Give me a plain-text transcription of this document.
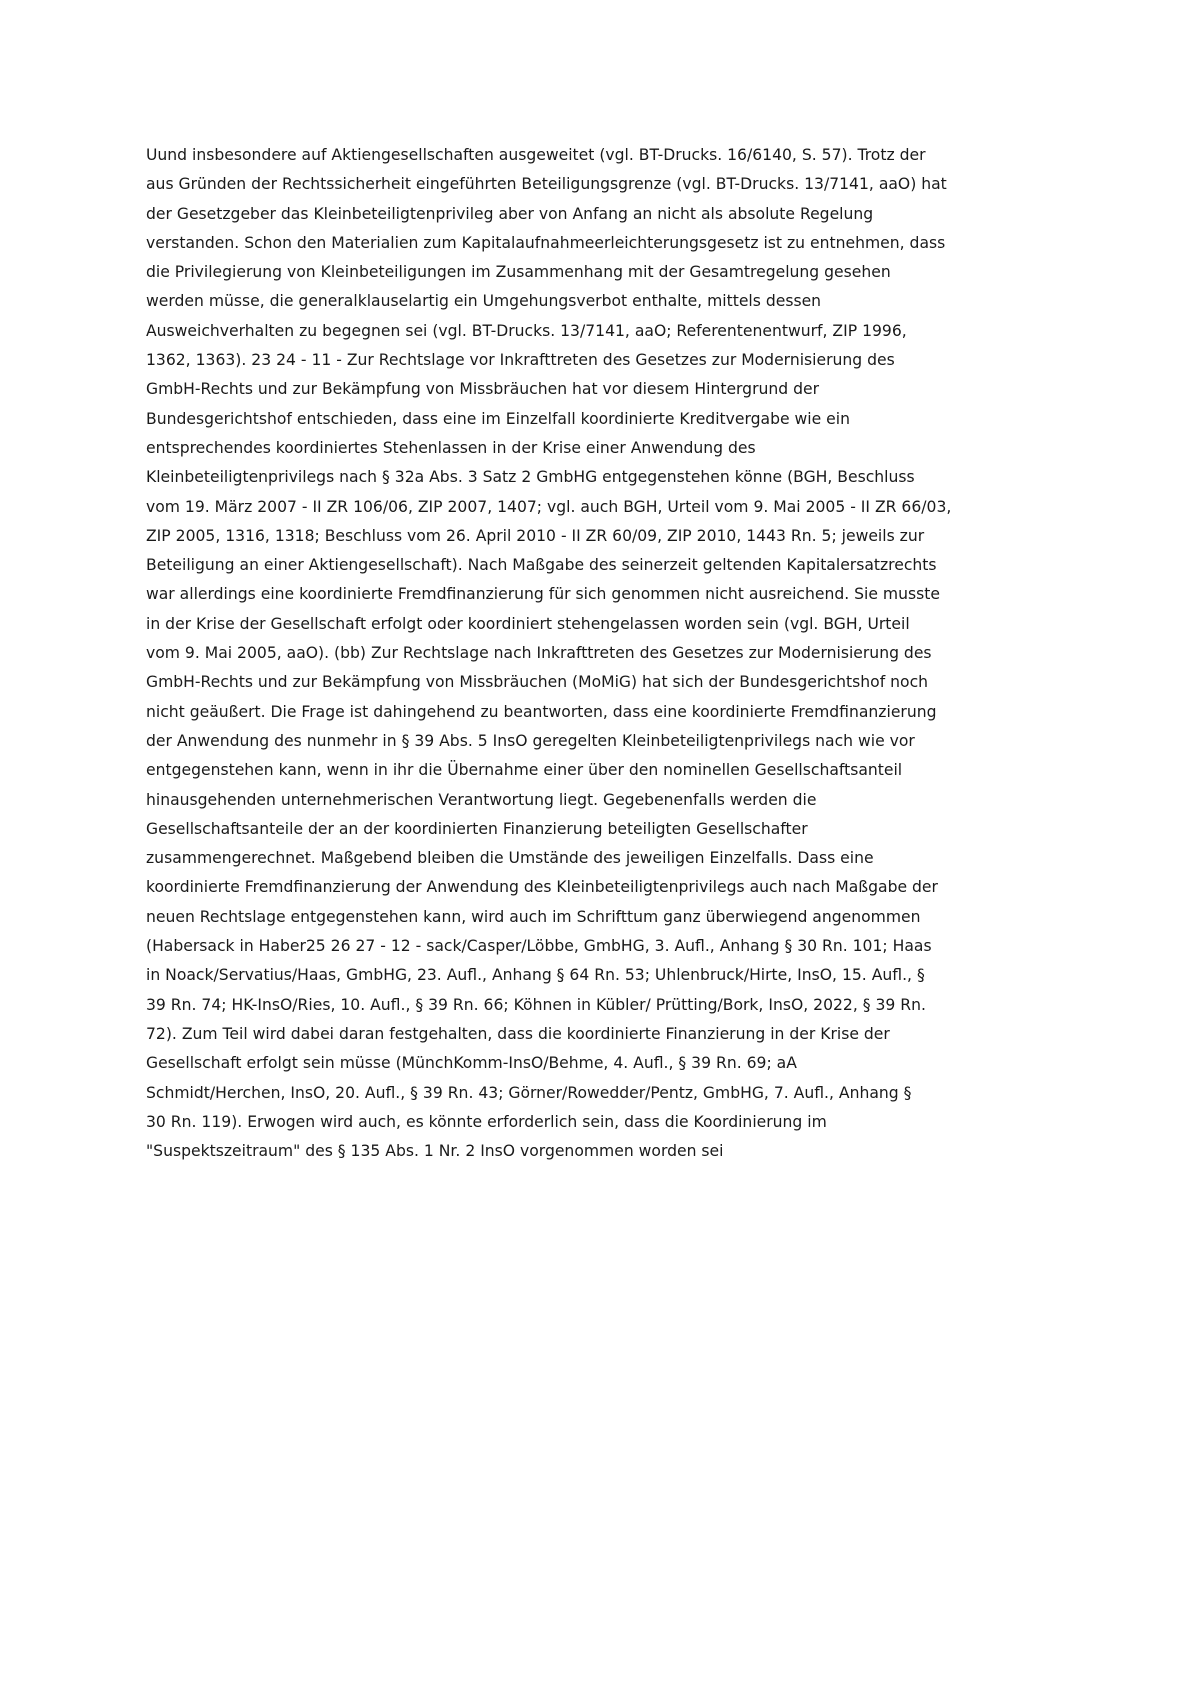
Uund insbesondere auf Aktiengesellschaften ausgeweitet (vgl. BT-Drucks. 16/6140, S. 57). Trotz der
aus Gründen der Rechtssicherheit eingeführten Beteiligungsgrenze (vgl. BT-Drucks. 13/7141, aaO) hat
der Gesetzgeber das Kleinbeteiligtenprivileg aber von Anfang an nicht als absolute Regelung
verstanden. Schon den Materialien zum Kapitalaufnahmeerleichterungsgesetz ist zu entnehmen, dass
die Privilegierung von Kleinbeteiligungen im Zusammenhang mit der Gesamtregelung gesehen
werden müsse, die generalklauselartig ein Umgehungsverbot enthalte, mittels dessen
Ausweichverhalten zu begegnen sei (vgl. BT-Drucks. 13/7141, aaO; Referentenentwurf, ZIP 1996,
1362, 1363). 23 24 - 11 - Zur Rechtslage vor Inkrafttreten des Gesetzes zur Modernisierung des
GmbH-Rechts und zur Bekämpfung von Missbräuchen hat vor diesem Hintergrund der
Bundesgerichtshof entschieden, dass eine im Einzelfall koordinierte Kreditvergabe wie ein
entsprechendes koordiniertes Stehenlassen in der Krise einer Anwendung des
Kleinbeteiligtenprivilegs nach § 32a Abs. 3 Satz 2 GmbHG entgegenstehen könne (BGH, Beschluss
vom 19. März 2007 - II ZR 106/06, ZIP 2007, 1407; vgl. auch BGH, Urteil vom 9. Mai 2005 - II ZR 66/03,
ZIP 2005, 1316, 1318; Beschluss vom 26. April 2010 - II ZR 60/09, ZIP 2010, 1443 Rn. 5; jeweils zur
Beteiligung an einer Aktiengesellschaft). Nach Maßgabe des seinerzeit geltenden Kapitalersatzrechts
war allerdings eine koordinierte Fremdfinanzierung für sich genommen nicht ausreichend. Sie musste
in der Krise der Gesellschaft erfolgt oder koordiniert stehengelassen worden sein (vgl. BGH, Urteil
vom 9. Mai 2005, aaO). (bb) Zur Rechtslage nach Inkrafttreten des Gesetzes zur Modernisierung des
GmbH-Rechts und zur Bekämpfung von Missbräuchen (MoMiG) hat sich der Bundesgerichtshof noch
nicht geäußert. Die Frage ist dahingehend zu beantworten, dass eine koordinierte Fremdfinanzierung
der Anwendung des nunmehr in § 39 Abs. 5 InsO geregelten Kleinbeteiligtenprivilegs nach wie vor
entgegenstehen kann, wenn in ihr die Übernahme einer über den nominellen Gesellschaftsanteil
hinausgehenden unternehmerischen Verantwortung liegt. Gegebenenfalls werden die
Gesellschaftsanteile der an der koordinierten Finanzierung beteiligten Gesellschafter
zusammengerechnet. Maßgebend bleiben die Umstände des jeweiligen Einzelfalls. Dass eine
koordinierte Fremdfinanzierung der Anwendung des Kleinbeteiligtenprivilegs auch nach Maßgabe der
neuen Rechtslage entgegenstehen kann, wird auch im Schrifttum ganz überwiegend angenommen
(Habersack in Haber25 26 27 - 12 - sack/Casper/Löbbe, GmbHG, 3. Aufl., Anhang § 30 Rn. 101; Haas
in Noack/Servatius/Haas, GmbHG, 23. Aufl., Anhang § 64 Rn. 53; Uhlenbruck/Hirte, InsO, 15. Aufl., §
39 Rn. 74; HK-InsO/Ries, 10. Aufl., § 39 Rn. 66; Köhnen in Kübler/ Prütting/Bork, InsO, 2022, § 39 Rn.
72). Zum Teil wird dabei daran festgehalten, dass die koordinierte Finanzierung in der Krise der
Gesellschaft erfolgt sein müsse (MünchKomm-InsO/Behme, 4. Aufl., § 39 Rn. 69; aA
Schmidt/Herchen, InsO, 20. Aufl., § 39 Rn. 43; Görner/Rowedder/Pentz, GmbHG, 7. Aufl., Anhang §
30 Rn. 119). Erwogen wird auch, es könnte erforderlich sein, dass die Koordinierung im
"Suspektszeitraum" des § 135 Abs. 1 Nr. 2 InsO vorgenommen worden sei
